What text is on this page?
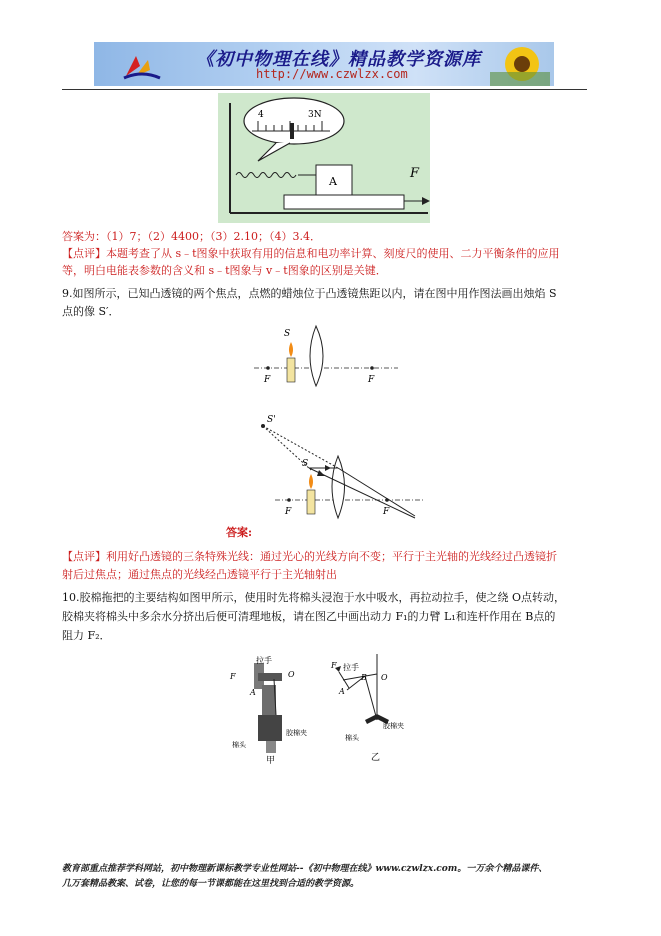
《初中物理在线》精品教学资源库
http://www.czwlzx.com
4	3N
A
F
答案为：（1）7；（2）4400；（3）2.10；（4）3.4．
【点评】本题考查了从 s﹣t图象中获取有用的信息和电功率计算、刻度尺的使用、二力平衡条件的应用
等，明白电能表参数的含义和 s﹣t图象与 v﹣t图象的区别是关键．
9.如图所示，已知凸透镜的两个焦点，点燃的蜡烛位于凸透镜焦距以内，请在图中用作图法画出烛焰 S
点的像 S′．
S
F	F
S'
S
F	F
答案:
【点评】利用好凸透镜的三条特殊光线：通过光心的光线方向不变；平行于主光轴的光线经过凸透镜折
射后过焦点；通过焦点的光线经凸透镜平行于主光轴射出
10.胶棉拖把的主要结构如图甲所示，使用时先将棉头浸泡于水中吸水，再拉动拉手，使之绕 O点转动，
胶棉夹将棉头中多余水分挤出后便可清理地板，请在图乙中画出动力 F₁的力臂 L₁和连杆作用在 B点的
阻力 F₂．
拉手
F	O
A
胶棉夹
棉头
甲
F 拉手
B O
A
胶棉夹
棉头
乙
教育部重点推荐学科网站，初中物理新课标教学专业性网站--《初中物理在线》www.czwlzx.com。一万余个精品课件、
几万套精品教案、试卷，让您的每一节课都能在这里找到合适的教学资源。
